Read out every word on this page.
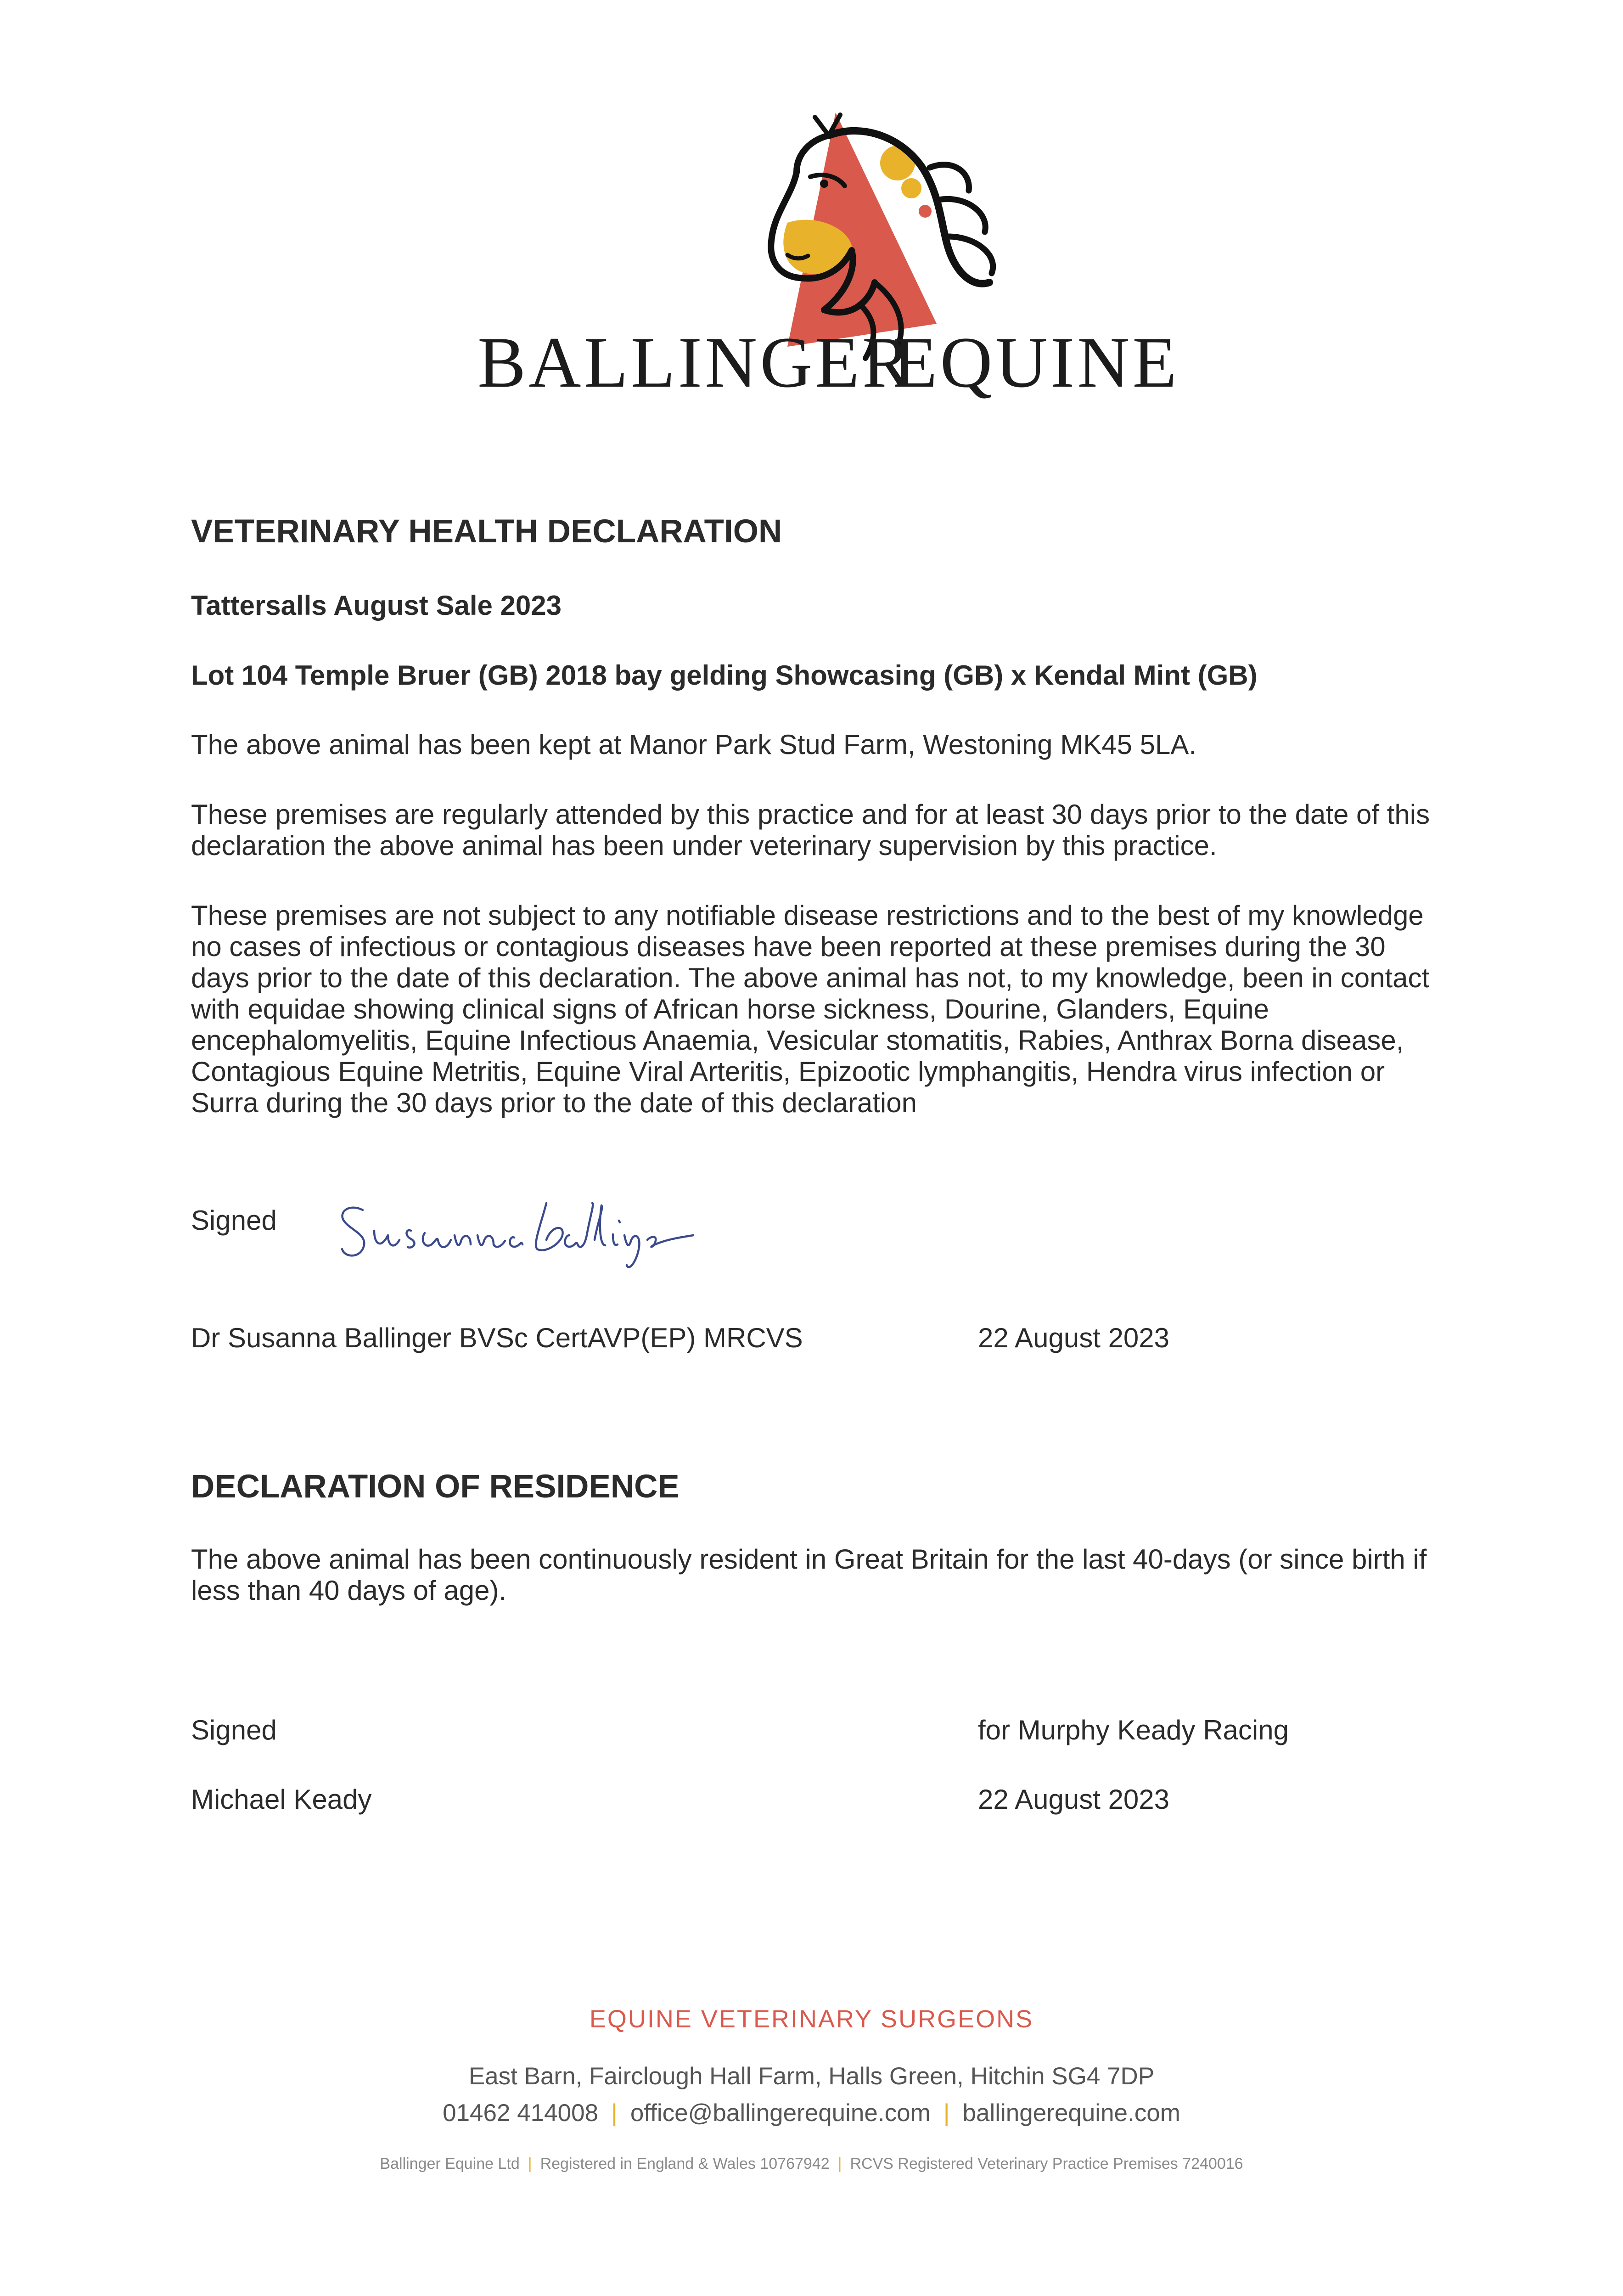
BALLINGER
EQUINE
VETERINARY HEALTH DECLARATION
Tattersalls August Sale 2023
Lot 104 Temple Bruer (GB) 2018 bay gelding Showcasing (GB) x Kendal Mint (GB)
The above animal has been kept at Manor Park Stud Farm, Westoning MK45 5LA.
These premises are regularly attended by this practice and for at least 30 days prior to the date of this declaration the above animal has been under veterinary supervision by this practice.
These premises are not subject to any notifiable disease restrictions and to the best of my knowledge no cases of infectious or contagious diseases have been reported at these premises during the 30 days prior to the date of this declaration. The above animal has not, to my knowledge, been in contact with equidae showing clinical signs of African horse sickness, Dourine, Glanders, Equine encephalomyelitis, Equine Infectious Anaemia, Vesicular stomatitis, Rabies, Anthrax Borna disease, Contagious Equine Metritis, Equine Viral Arteritis, Epizootic lymphangitis, Hendra virus infection or Surra during the 30 days prior to the date of this declaration
Signed
Dr Susanna Ballinger BVSc CertAVP(EP) MRCVS	22 August 2023
DECLARATION OF RESIDENCE
The above animal has been continuously resident in Great Britain for the last 40-days (or since birth if less than 40 days of age).
Signed	for Murphy Keady Racing
Michael Keady	22 August 2023
EQUINE VETERINARY SURGEONS
East Barn, Fairclough Hall Farm, Halls Green, Hitchin SG4 7DP
01462 414008 | office@ballingerequine.com | ballingerequine.com
Ballinger Equine Ltd | Registered in England & Wales 10767942 | RCVS Registered Veterinary Practice Premises 7240016
